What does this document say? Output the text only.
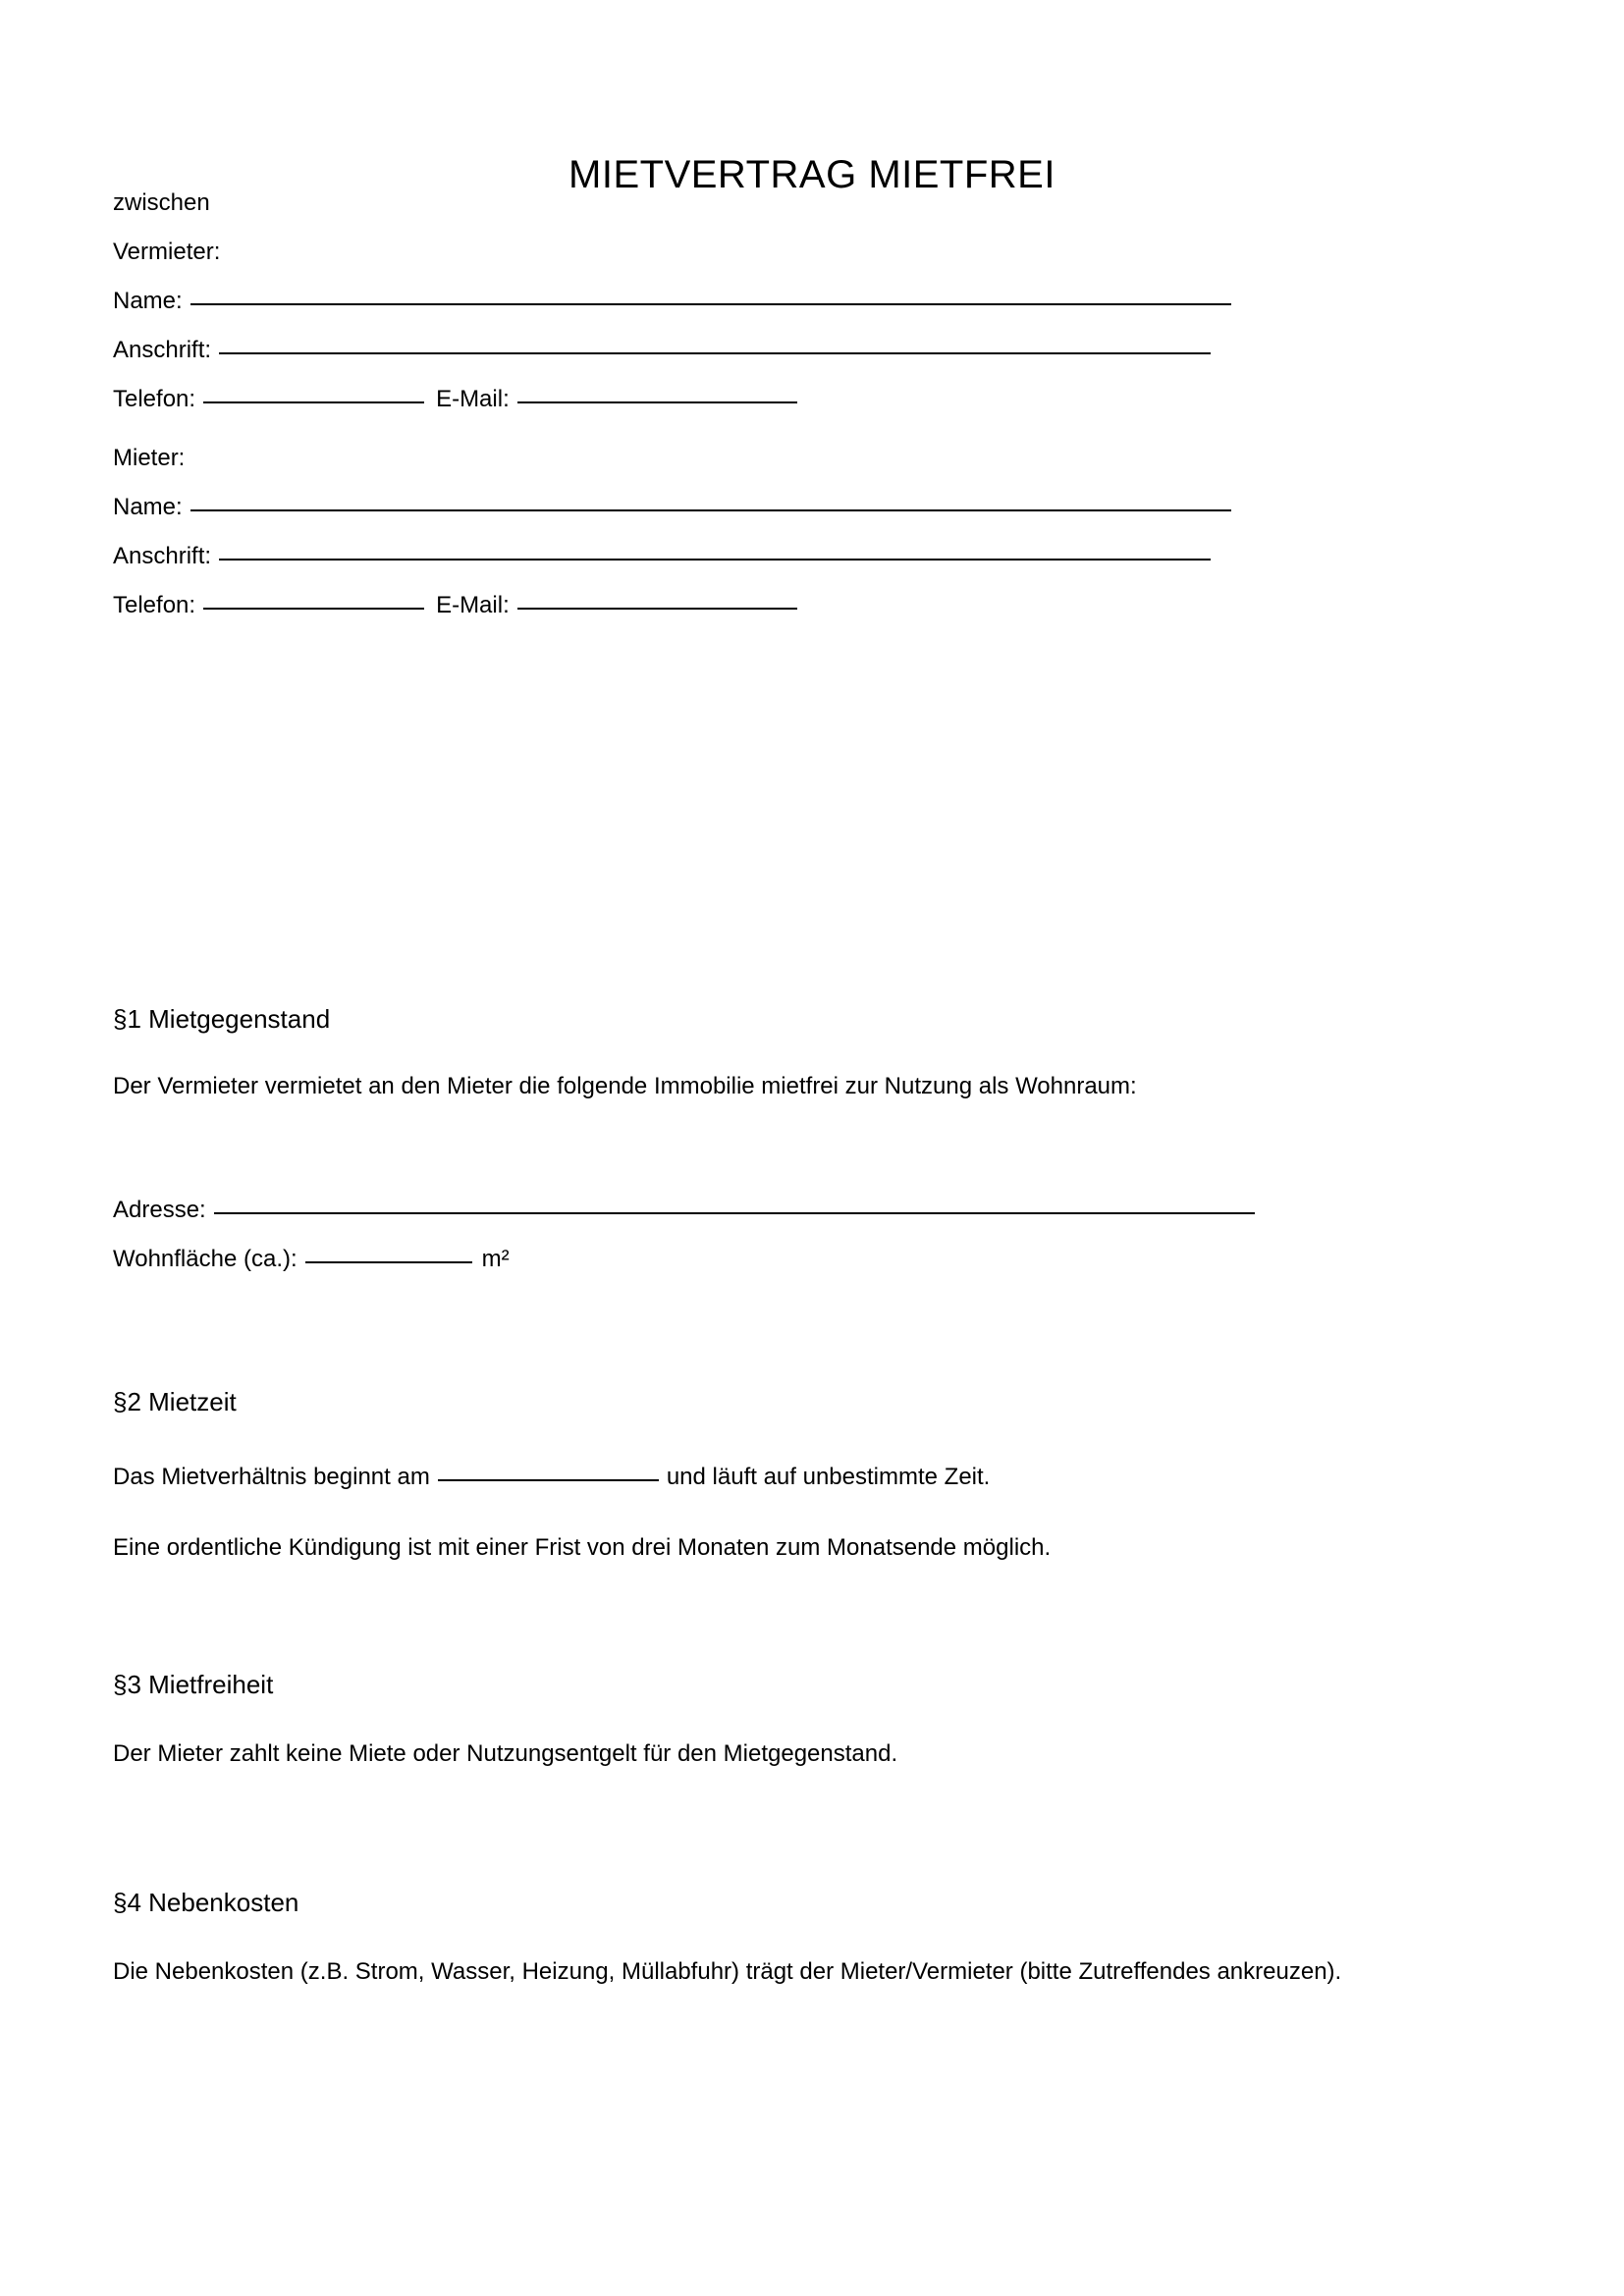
MIETVERTRAG MIETFREI
zwischen
Vermieter:
Name:
Anschrift:
Telefon:	E-Mail:
Mieter:
Name:
Anschrift:
Telefon:	E-Mail:
§1 Mietgegenstand
Der Vermieter vermietet an den Mieter die folgende Immobilie mietfrei zur Nutzung als Wohnraum:
Adresse:
Wohnfläche (ca.):	m²
§2 Mietzeit
Das Mietverhältnis beginnt am	und läuft auf unbestimmte Zeit.
Eine ordentliche Kündigung ist mit einer Frist von drei Monaten zum Monatsende möglich.
§3 Mietfreiheit
Der Mieter zahlt keine Miete oder Nutzungsentgelt für den Mietgegenstand.
§4 Nebenkosten
Die Nebenkosten (z.B. Strom, Wasser, Heizung, Müllabfuhr) trägt der Mieter/Vermieter (bitte Zutreffendes ankreuzen).
